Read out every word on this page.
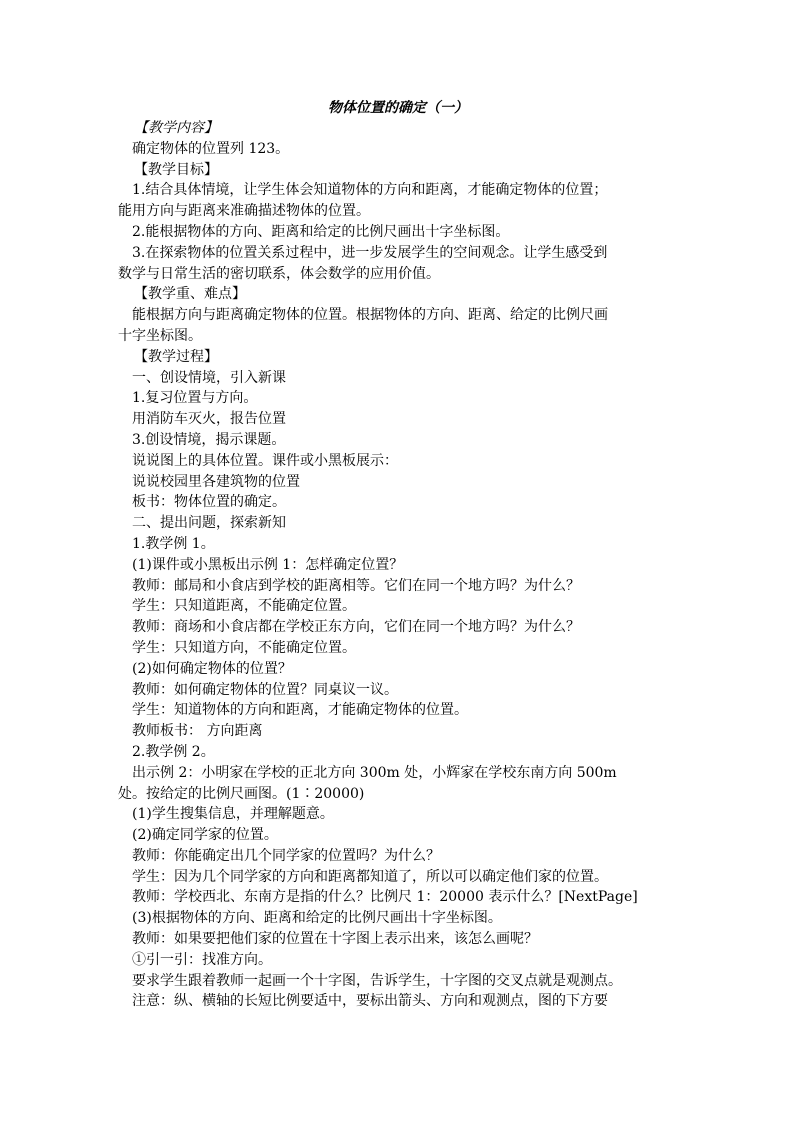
物体位置的确定（一）
【教学内容】
确定物体的位置列 123。
【教学目标】
1.结合具体情境，让学生体会知道物体的方向和距离，才能确定物体的位置；
能用方向与距离来准确描述物体的位置。
2.能根据物体的方向、距离和给定的比例尺画出十字坐标图。
3.在探索物体的位置关系过程中，进一步发展学生的空间观念。让学生感受到
数学与日常生活的密切联系，体会数学的应用价值。
【教学重、难点】
能根据方向与距离确定物体的位置。根据物体的方向、距离、给定的比例尺画
十字坐标图。
【教学过程】
一、创设情境，引入新课
1.复习位置与方向。
用消防车灭火，报告位置
3.创设情境，揭示课题。
说说图上的具体位置。课件或小黑板展示：
说说校园里各建筑物的位置
板书：物体位置的确定。
二、提出问题，探索新知
1.教学例 1。
(1)课件或小黑板出示例 1：怎样确定位置？
教师：邮局和小食店到学校的距离相等。它们在同一个地方吗？为什么？
学生：只知道距离，不能确定位置。
教师：商场和小食店都在学校正东方向，它们在同一个地方吗？为什么？
学生：只知道方向，不能确定位置。
(2)如何确定物体的位置？
教师：如何确定物体的位置？同桌议一议。
学生：知道物体的方向和距离，才能确定物体的位置。
教师板书： 方向距离
2.教学例 2。
出示例 2：小明家在学校的正北方向 300m 处，小辉家在学校东南方向 500m
处。按给定的比例尺画图。(1∶20000)
(1)学生搜集信息，并理解题意。
(2)确定同学家的位置。
教师：你能确定出几个同学家的位置吗？为什么？
学生：因为几个同学家的方向和距离都知道了，所以可以确定他们家的位置。
教师：学校西北、东南方是指的什么？比例尺 1：20000 表示什么？[NextPage]
(3)根据物体的方向、距离和给定的比例尺画出十字坐标图。
教师：如果要把他们家的位置在十字图上表示出来，该怎么画呢？
①引一引：找准方向。
要求学生跟着教师一起画一个十字图，告诉学生，十字图的交叉点就是观测点。
注意：纵、横轴的长短比例要适中，要标出箭头、方向和观测点，图的下方要
